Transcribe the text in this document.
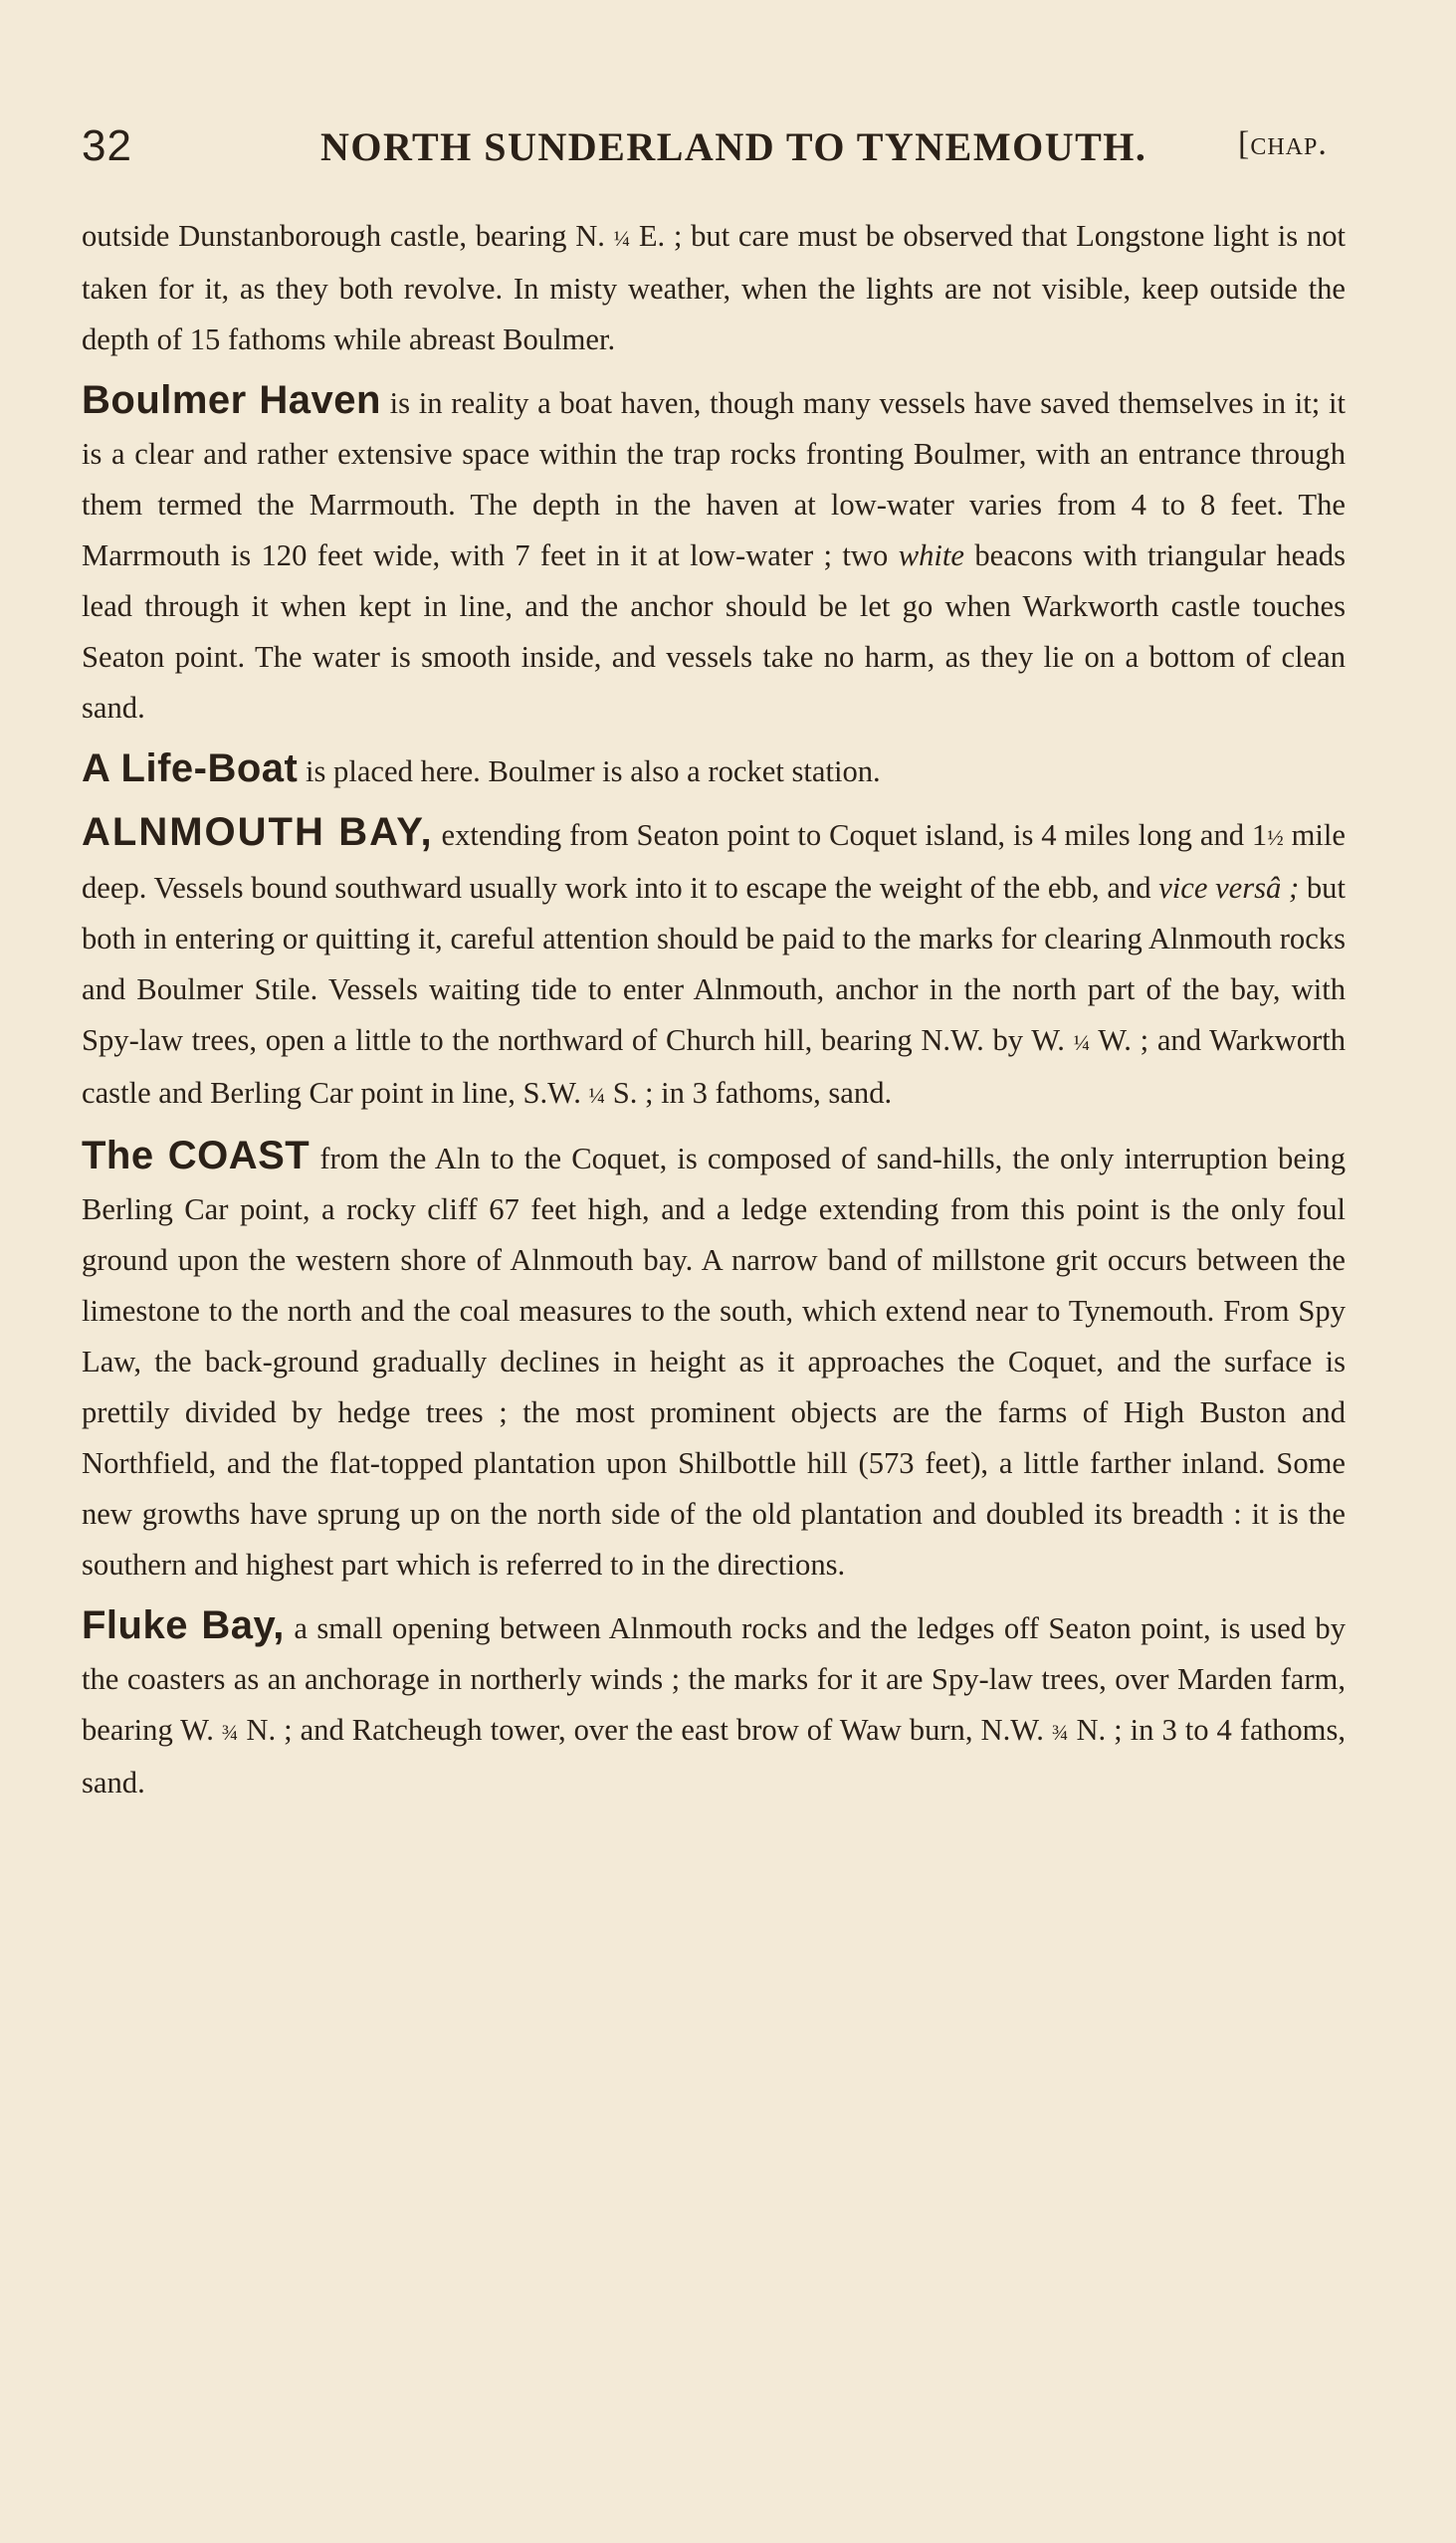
32	NORTH SUNDERLAND TO TYNEMOUTH.	[chap.

outside Dunstanborough castle, bearing N. ¼ E. ; but care must be observed that Longstone light is not taken for it, as they both revolve. In misty weather, when the lights are not visible, keep outside the depth of 15 fathoms while abreast Boulmer.

Boulmer Haven is in reality a boat haven, though many vessels have saved themselves in it; it is a clear and rather extensive space within the trap rocks fronting Boulmer, with an entrance through them termed the Marrmouth. The depth in the haven at low-water varies from 4 to 8 feet. The Marrmouth is 120 feet wide, with 7 feet in it at low-water ; two white beacons with triangular heads lead through it when kept in line, and the anchor should be let go when Warkworth castle touches Seaton point. The water is smooth inside, and vessels take no harm, as they lie on a bottom of clean sand.

A Life-Boat is placed here. Boulmer is also a rocket station.

ALNMOUTH BAY, extending from Seaton point to Coquet island, is 4 miles long and 1½ mile deep. Vessels bound southward usually work into it to escape the weight of the ebb, and vice versâ ; but both in entering or quitting it, careful attention should be paid to the marks for clearing Alnmouth rocks and Boulmer Stile. Vessels waiting tide to enter Alnmouth, anchor in the north part of the bay, with Spy-law trees, open a little to the northward of Church hill, bearing N.W. by W. ¼ W. ; and Warkworth castle and Berling Car point in line, S.W. ¼ S. ; in 3 fathoms, sand.

The COAST from the Aln to the Coquet, is composed of sand-hills, the only interruption being Berling Car point, a rocky cliff 67 feet high, and a ledge extending from this point is the only foul ground upon the western shore of Alnmouth bay. A narrow band of millstone grit occurs between the limestone to the north and the coal measures to the south, which extend near to Tynemouth. From Spy Law, the back-ground gradually declines in height as it approaches the Coquet, and the surface is prettily divided by hedge trees ; the most prominent objects are the farms of High Buston and Northfield, and the flat-topped plantation upon Shilbottle hill (573 feet), a little farther inland. Some new growths have sprung up on the north side of the old plantation and doubled its breadth : it is the southern and highest part which is referred to in the directions.

Fluke Bay, a small opening between Alnmouth rocks and the ledges off Seaton point, is used by the coasters as an anchorage in northerly winds ; the marks for it are Spy-law trees, over Marden farm, bearing W. ¾ N. ; and Ratcheugh tower, over the east brow of Waw burn, N.W. ¾ N. ; in 3 to 4 fathoms, sand.
